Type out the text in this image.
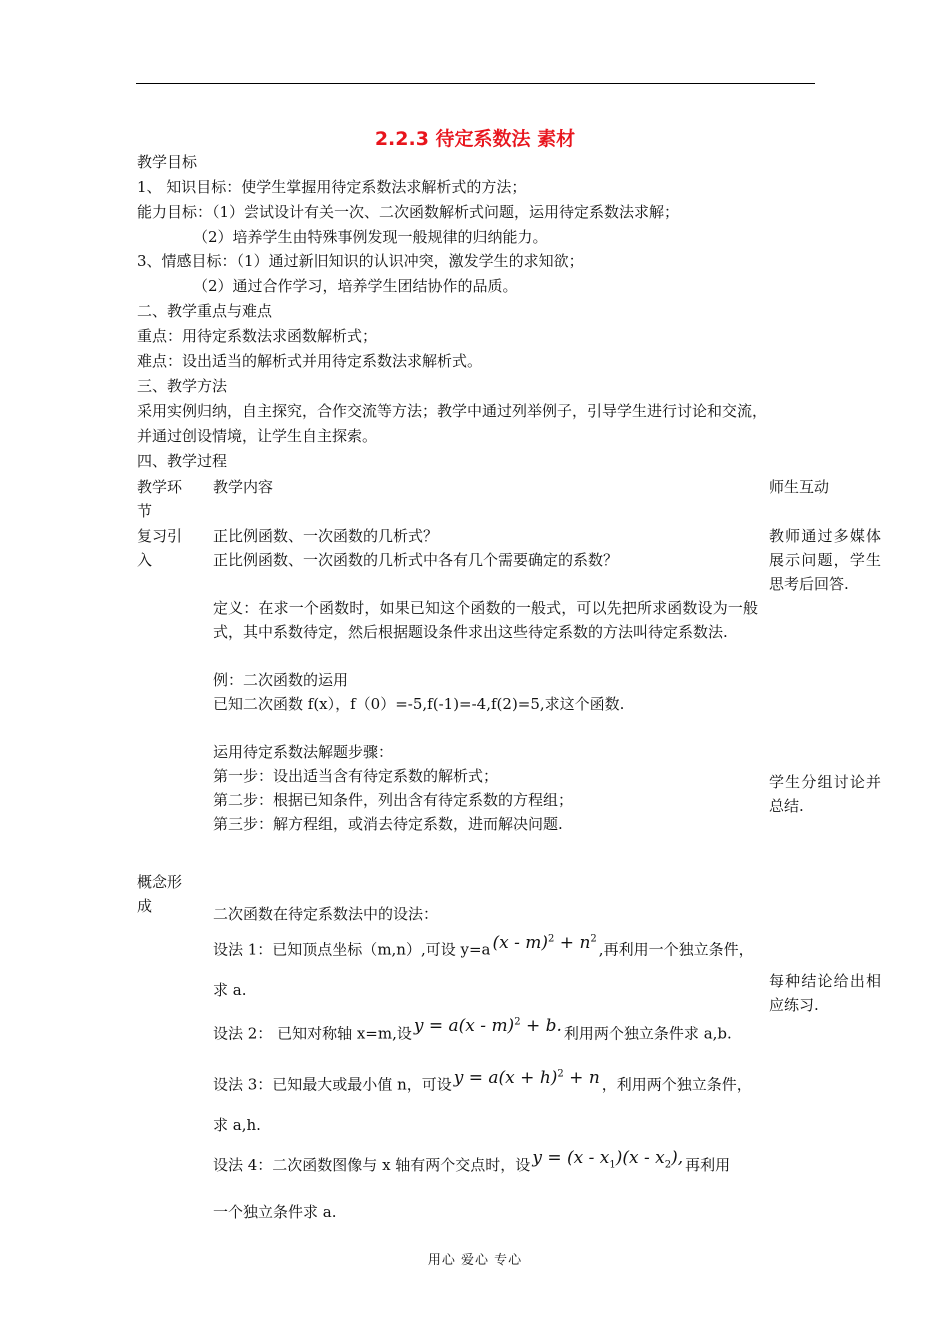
2.2.3 待定系数法 素材
教学目标
1、 知识目标：使学生掌握用待定系数法求解析式的方法；
能力目标：（1）尝试设计有关一次、二次函数解析式问题，运用待定系数法求解；
（2）培养学生由特殊事例发现一般规律的归纳能力。
3、情感目标：（1）通过新旧知识的认识冲突，激发学生的求知欲；
（2）通过合作学习，培养学生团结协作的品质。
二、教学重点与难点
重点：用待定系数法求函数解析式；
难点：设出适当的解析式并用待定系数法求解析式。
三、教学方法
采用实例归纳，自主探究，合作交流等方法；教学中通过列举例子，引导学生进行讨论和交流，
并通过创设情境，让学生自主探索。
四、教学过程
教学环节
教学内容	师生互动
复习引入
概念形成

正比例函数、一次函数的几析式？

正比例函数、一次函数的几析式中各有几个需要确定的系数？

定义：在求一个函数时，如果已知这个函数的一般式，可以先把所求函数设为一般式，其中系数待定，然后根据题设条件求出这些待定系数的方法叫待定系数法.

例：二次函数的运用

已知二次函数 f(x），f（0）=-5,f(-1)=-4,f(2)=5,求这个函数.

运用待定系数法解题步骤：

第一步：设出适当含有待定系数的解析式；

第二步：根据已知条件，列出含有待定系数的方程组；

第三步：解方程组，或消去待定系数，进而解决问题.

二次函数在待定系数法中的设法：

设法 1：已知顶点坐标（m,n）,可设 y=a $(x - m)^2 + n^2$,再利用一个独立条件，

求 a.

设法 2： 已知对称轴 x=m,设 y = a(x - m)$^2$ + b. 利用两个独立条件求 a,b.

设法 3：已知最大或最小值 n，可设 $y = a(x + h)^2 + n$ ，利用两个独立条件，

求 a,h.

设法 4：二次函数图像与 x 轴有两个交点时，设 $y = (x - x_1)(x - x_2)$, 再利用

一个独立条件求 a.

教师通过多媒体展示问题，学生思考后回答.
学生分组讨论并总结.
每种结论给出相应练习.
用心 爱心 专心
